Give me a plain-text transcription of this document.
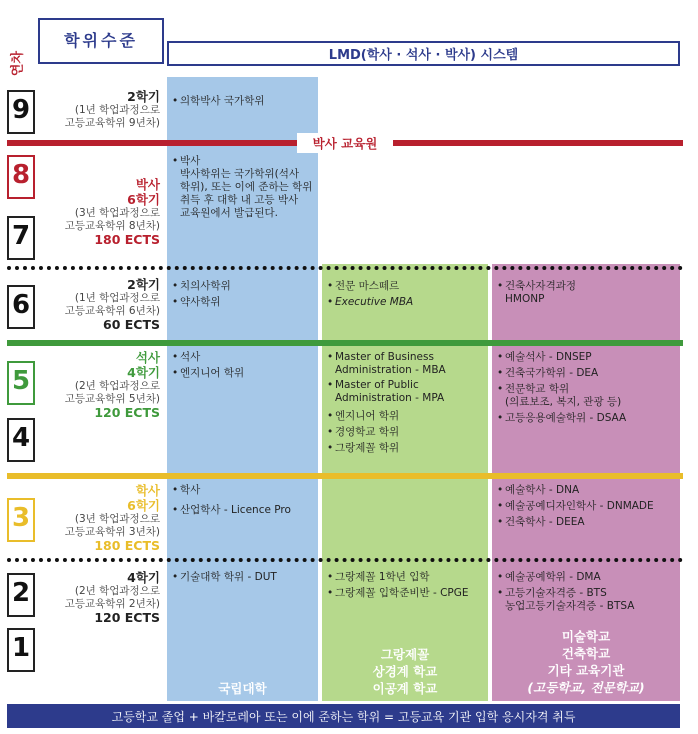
연차
학위수준
LMD(학사 · 석사 · 박사) 시스템
9
8
7
6
5
4
3
2
1
박사 교육원
2학기
(1년 학업과정으로
고등교육학위 9년차)
박사
6학기
(3년 학업과정으로
고등교육학위 8년차)
180 ECTS
2학기
(1년 학업과정으로
고등교육학위 6년차)
60 ECTS
석사
4학기
(2년 학업과정으로
고등교육학위 5년차)
120 ECTS
학사
6학기
(3년 학업과정으로
고등교육학위 3년차)
180 ECTS
4학기
(2년 학업과정으로
고등교육학위 2년차)
120 ECTS
• 의학박사 국가학위
• 박사
박사학위는 국가학위(석사
학위), 또는 이에 준하는 학위
취득 후 대학 내 고등 박사
교육원에서 발급된다.
• 치의사학위
• 약사학위
• 석사
• 엔지니어 학위
• 학사
• 산업학사 - Licence Pro
• 기술대학 학위 - DUT
국립대학
• 전문 마스떼르
• Executive MBA
• Master of Business
Administration - MBA
• Master of Public
Administration - MPA
• 엔지니어 학위
• 경영학교 학위
• 그랑제꼴 학위
• 그랑제꼴 1학년 입학
• 그랑제꼴 입학준비반 - CPGE
그랑제꼴
상경계 학교
이공계 학교
• 건축사자격과정
HMONP
• 예술석사 - DNSEP
• 건축국가학위 - DEA
• 전문학교 학위
(의료보조, 복지, 관광 등)
• 고등응용예술학위 - DSAA
• 예술학사 - DNA
• 예술공예디자인학사 - DNMADE
• 건축학사 - DEEA
• 예술공예학위 - DMA
• 고등기술자격증 - BTS
농업고등기술자격증 - BTSA
미술학교
건축학교
기타 교육기관
(고등학교, 전문학교)
고등학교 졸업 + 바칼로레아 또는 이에 준하는 학위 = 고등교육 기관 입학 응시자격 취득
